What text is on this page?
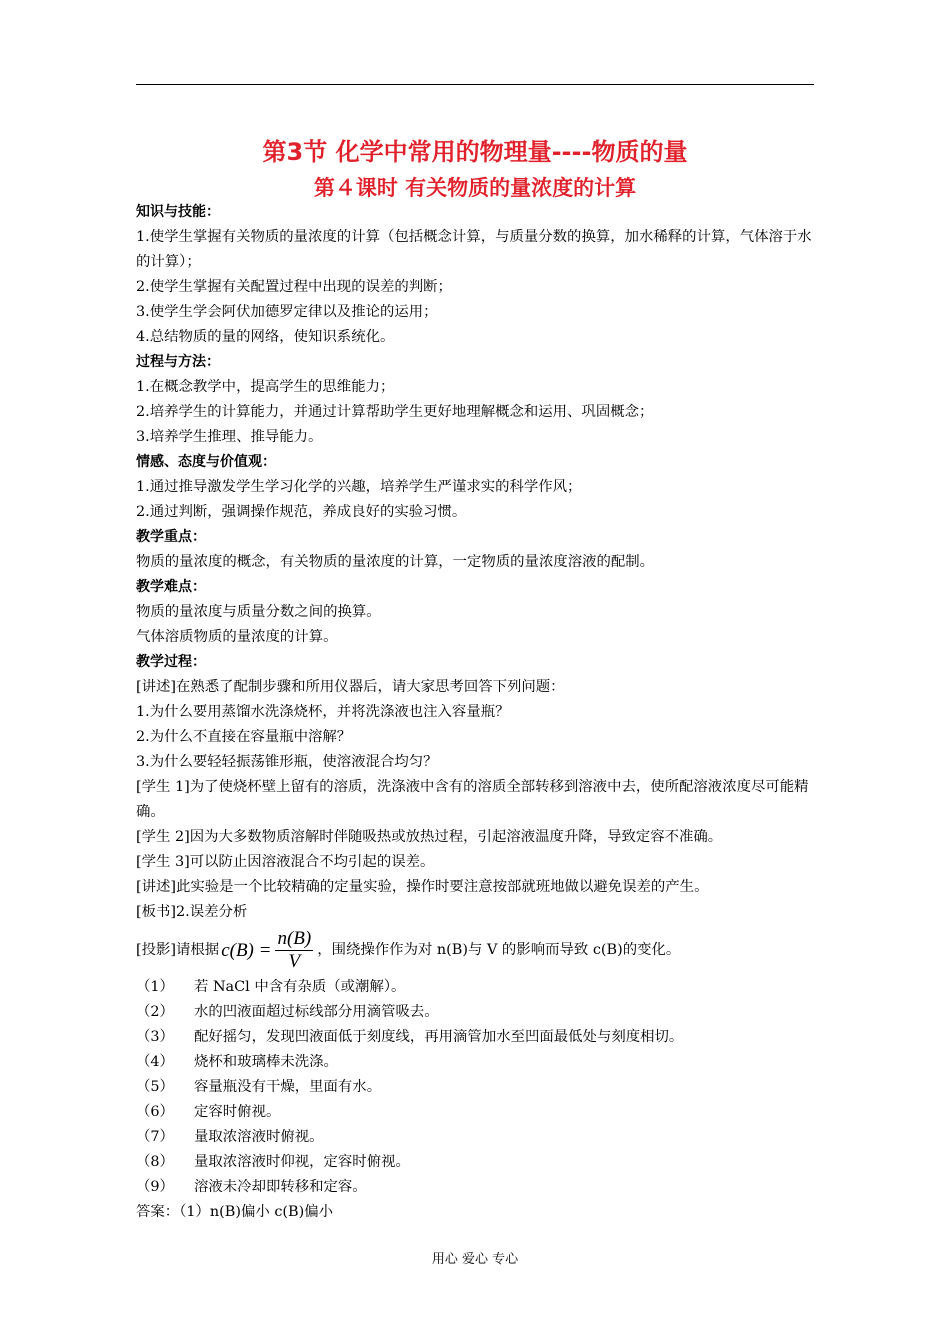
第3节 化学中常用的物理量----物质的量
第４课时 有关物质的量浓度的计算
知识与技能：
1.使学生掌握有关物质的量浓度的计算（包括概念计算，与质量分数的换算，加水稀释的计算，气体溶于水的计算）；
2.使学生掌握有关配置过程中出现的误差的判断；
3.使学生学会阿伏加德罗定律以及推论的运用；
4.总结物质的量的网络，使知识系统化。
过程与方法：
1.在概念教学中，提高学生的思维能力；
2.培养学生的计算能力，并通过计算帮助学生更好地理解概念和运用、巩固概念；
3.培养学生推理、推导能力。
情感、态度与价值观：
1.通过推导激发学生学习化学的兴趣，培养学生严谨求实的科学作风；
2.通过判断，强调操作规范，养成良好的实验习惯。
教学重点：
物质的量浓度的概念，有关物质的量浓度的计算，一定物质的量浓度溶液的配制。
教学难点：
物质的量浓度与质量分数之间的换算。
气体溶质物质的量浓度的计算。
教学过程：
[讲述]在熟悉了配制步骤和所用仪器后，请大家思考回答下列问题：
1.为什么要用蒸馏水洗涤烧杯，并将洗涤液也注入容量瓶？
2.为什么不直接在容量瓶中溶解？
3.为什么要轻轻振荡锥形瓶，使溶液混合均匀？
[学生 1]为了使烧杯壁上留有的溶质，洗涤液中含有的溶质全部转移到溶液中去，使所配溶液浓度尽可能精确。
[学生 2]因为大多数物质溶解时伴随吸热或放热过程，引起溶液温度升降，导致定容不准确。
[学生 3]可以防止因溶液混合不均引起的误差。
[讲述]此实验是一个比较精确的定量实验，操作时要注意按部就班地做以避免误差的产生。
[板书]2.误差分析
[投影]请根据 $c(B) = \frac{n(B)}{V}$ ，围绕操作作为对 n(B)与 V 的影响而导致 c(B)的变化。
（1）	若 NaCl 中含有杂质（或潮解）。
（2）	水的凹液面超过标线部分用滴管吸去。
（3）	配好摇匀，发现凹液面低于刻度线，再用滴管加水至凹面最低处与刻度相切。
（4）	烧杯和玻璃棒未洗涤。
（5）	容量瓶没有干燥，里面有水。
（6）	定容时俯视。
（7）	量取浓溶液时俯视。
（8）	量取浓溶液时仰视，定容时俯视。
（9）	溶液未冷却即转移和定容。
答案：（1）n(B)偏小 c(B)偏小
用心 爱心 专心
